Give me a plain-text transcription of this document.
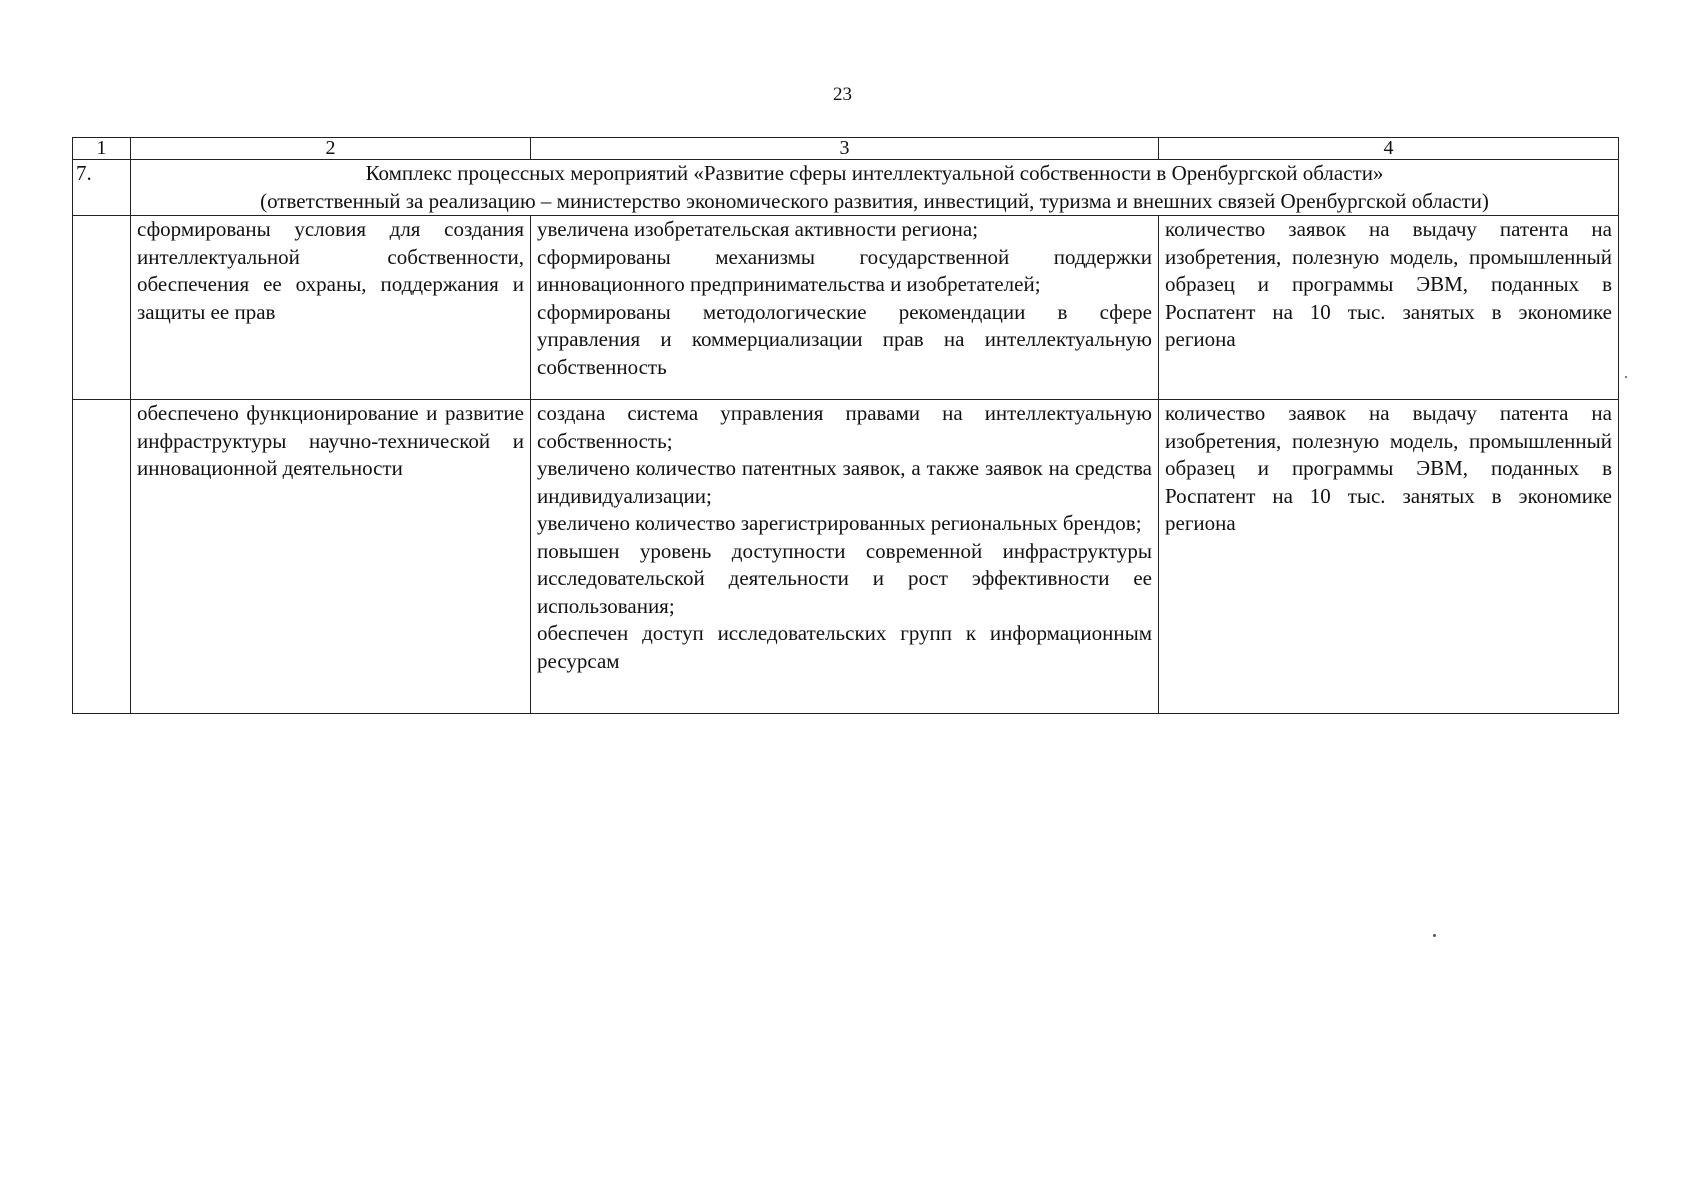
23
1	2	3	4
7.	Комплекс процессных мероприятий «Развитие сферы интеллектуальной собственности в Оренбургской области»
(ответственный за реализацию – министерство экономического развития, инвестиций, туризма и внешних связей Оренбургской области)		

	сформированы условия для создания интеллектуальной собственности, обеспечения ее охраны, поддержания и защиты ее прав	увеличена изобретательская активности региона;
сформированы механизмы государственной поддержки инновационного предпринимательства и изобретателей;
сформированы методологические рекомендации в сфере управления и коммерциализации прав на интеллектуальную собственность	количество заявок на выдачу патента на изобретения, полезную модель, промышленный образец и программы ЭВМ, поданных в Роспатент на 10 тыс. занятых в экономике региона
	обеспечено функционирование и развитие инфраструктуры научно-технической и инновационной деятельности	создана система управления правами на интеллектуальную собственность;
увеличено количество патентных заявок, а также заявок на средства индивидуализации;
увеличено количество зарегистрированных региональных брендов;
повышен уровень доступности современной инфраструктуры исследовательской деятельности и рост эффективности ее использования;
обеспечен доступ исследовательских групп к информационным ресурсам	количество заявок на выдачу патента на изобретения, полезную модель, промышленный образец и программы ЭВМ, поданных в Роспатент на 10 тыс. занятых в экономике региона
